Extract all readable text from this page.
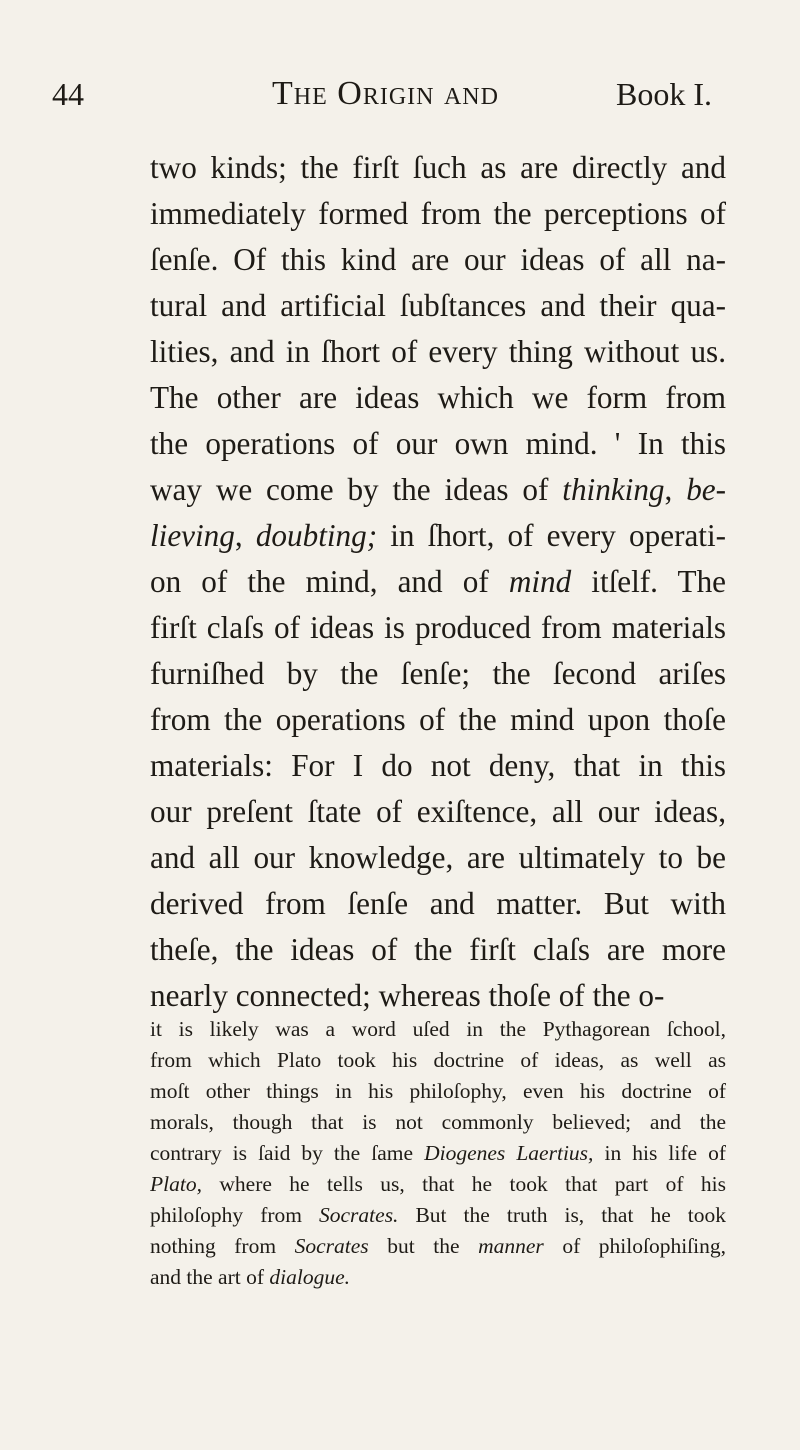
44	The Origin and	Book I.
two kinds; the firſt ſuch as are directly and
immediately formed from the perceptions of
ſenſe. Of this kind are our ideas of all na-
tural and artificial ſubſtances and their qua-
lities, and in ſhort of every thing without us.
The other are ideas which we form from
the operations of our own mind. ' In this
way we come by the ideas of thinking, be-
lieving, doubting; in ſhort, of every operati-
on of the mind, and of mind itſelf. The
firſt claſs of ideas is produced from materials
furniſhed by the ſenſe; the ſecond ariſes
from the operations of the mind upon thoſe
materials: For I do not deny, that in this
our preſent ſtate of exiſtence, all our ideas,
and all our knowledge, are ultimately to be
derived from ſenſe and matter. But with
theſe, the ideas of the firſt claſs are more
nearly connected; whereas thoſe of the o-
it is likely was a word uſed in the Pythagorean ſchool,
from which Plato took his doctrine of ideas, as well as
moſt other things in his philoſophy, even his doctrine of
morals, though that is not commonly believed; and the
contrary is ſaid by the ſame Diogenes Laertius, in his life of
Plato, where he tells us, that he took that part of his
philoſophy from Socrates. But the truth is, that he took
nothing from Socrates but the manner of philoſophiſing,
and the art of dialogue.
